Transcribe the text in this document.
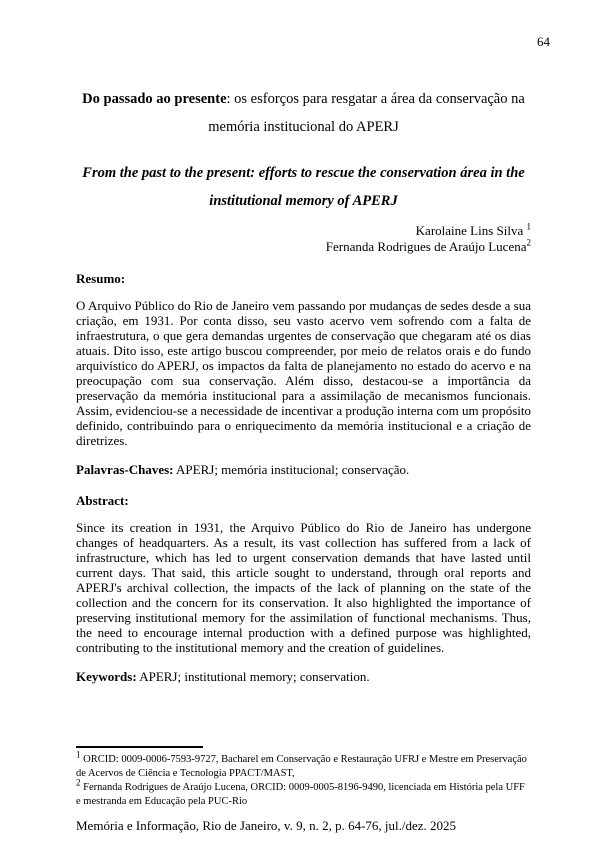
64
Do passado ao presente: os esforços para resgatar a área da conservação na memória institucional do APERJ
From the past to the present: efforts to rescue the conservation área in the institutional memory of APERJ
Karolaine Lins Silva $^1$
Fernanda Rodrigues de Araújo Lucena$^2$
Resumo:

O Arquivo Público do Rio de Janeiro vem passando por mudanças de sedes desde a sua criação, em 1931. Por conta disso, seu vasto acervo vem sofrendo com a falta de infraestrutura, o que gera demandas urgentes de conservação que chegaram até os dias atuais. Dito isso, este artigo buscou compreender, por meio de relatos orais e do fundo arquivístico do APERJ, os impactos da falta de planejamento no estado do acervo e na preocupação com sua conservação. Além disso, destacou-se a importância da preservação da memória institucional para a assimilação de mecanismos funcionais. Assim, evidenciou-se a necessidade de incentivar a produção interna com um propósito definido, contribuindo para o enriquecimento da memória institucional e a criação de diretrizes.

Palavras-Chaves: APERJ; memória institucional; conservação.

Abstract:

Since its creation in 1931, the Arquivo Público do Rio de Janeiro has undergone changes of headquarters. As a result, its vast collection has suffered from a lack of infrastructure, which has led to urgent conservation demands that have lasted until current days. That said, this article sought to understand, through oral reports and APERJ's archival collection, the impacts of the lack of planning on the state of the collection and the concern for its conservation. It also highlighted the importance of preserving institutional memory for the assimilation of functional mechanisms. Thus, the need to encourage internal production with a defined purpose was highlighted, contributing to the institutional memory and the creation of guidelines.

Keywords: APERJ; institutional memory; conservation.

$^1$ ORCID: 0009-0006-7593-9727, Bacharel em Conservação e Restauração UFRJ e Mestre em Preservação de Acervos de Ciência e Tecnologia PPACT/MAST,
$^2$ Fernanda Rodrigues de Araújo Lucena, ORCID: 0009-0005-8196-9490, licenciada em História pela UFF e mestranda em Educação pela PUC-Rio
Memória e Informação, Rio de Janeiro, v. 9, n. 2, p. 64-76, jul./dez. 2025
